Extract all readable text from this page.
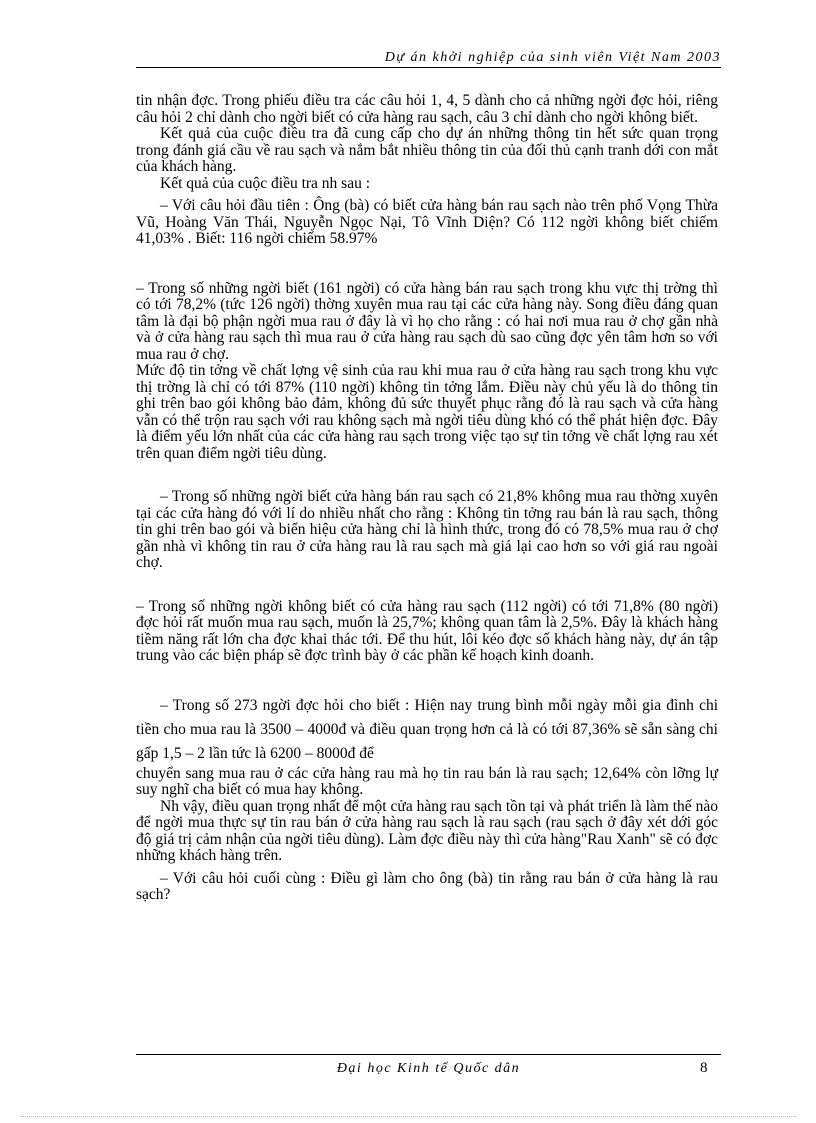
Dự án khởi nghiệp của sinh viên Việt Nam 2003

tin nhận đợc. Trong phiếu điều tra các câu hỏi 1, 4, 5 dành cho cả những ngời đợc hỏi, riêng câu hỏi 2 chỉ dành cho ngời biết có cửa hàng rau sạch, câu 3 chỉ dành cho ngời không biết.

Kết quả của cuộc điều tra đã cung cấp cho dự án những thông tin hết sức quan trọng trong đánh giá cầu về rau sạch và nắm bắt nhiều thông tin của đối thủ cạnh tranh dới con mắt của khách hàng.

Kết quả của cuộc điều tra nh sau :

– Với câu hỏi đầu tiên : Ông (bà) có biết cửa hàng bán rau sạch nào trên phố Vọng Thừa Vũ, Hoàng Văn Thái, Nguyễn Ngọc Nại, Tô Vĩnh Diện? Có 112 ngời không biết chiếm 41,03% . Biết: 116 ngời chiếm 58.97%

– Trong số những ngời biết (161 ngời) có cửa hàng bán rau sạch trong khu vực thị trờng thì có tới 78,2% (tức 126 ngời) thờng xuyên mua rau tại các cửa hàng này. Song điều đáng quan tâm là đại bộ phận ngời mua rau ở đây là vì họ cho rằng : có hai nơi mua rau ở chợ gần nhà và ở cửa hàng rau sạch thì mua rau ở cửa hàng rau sạch dù sao cũng đợc yên tâm hơn so với mua rau ở chợ.

Mức độ tin tởng về chất lợng vệ sinh của rau khi mua rau ở cửa hàng rau sạch trong khu vực thị trờng là chỉ có tới 87% (110 ngời) không tin tởng lắm. Điều này chủ yếu là do thông tin ghi trên bao gói không bảo đảm, không đủ sức thuyết phục rằng đó là rau sạch và cửa hàng vẫn có thể trộn rau sạch với rau không sạch mà ngời tiêu dùng khó có thể phát hiện đợc. Đây là điểm yếu lớn nhất của các cửa hàng rau sạch trong việc tạo sự tin tởng về chất lợng rau xét trên quan điểm ngời tiêu dùng.

– Trong số những ngời biết cửa hàng bán rau sạch có 21,8% không mua rau thờng xuyên tại các cửa hàng đó với lí do nhiều nhất cho rằng : Không tin tởng rau bán là rau sạch, thông tin ghi trên bao gói và biển hiệu cửa hàng chỉ là hình thức, trong đó có 78,5% mua rau ở chợ gần nhà vì không tin rau ở cửa hàng rau là rau sạch mà giá lại cao hơn so với giá rau ngoài chợ.

– Trong số những ngời không biết có cửa hàng rau sạch (112 ngời) có tới 71,8% (80 ngời) đợc hỏi rất muốn mua rau sạch, muốn là 25,7%; không quan tâm là 2,5%. Đây là khách hàng tiềm năng rất lớn cha đợc khai thác tới. Để thu hút, lôi kéo đợc số khách hàng này, dự án tập trung vào các biện pháp sẽ đợc trình bày ở các phần kế hoạch kinh doanh.

– Trong số 273 ngời đợc hỏi cho biết : Hiện nay trung bình mỗi ngày mỗi gia đình chi tiền cho mua rau là 3500 – 4000đ và điều quan trọng hơn cả là có tới 87,36% sẽ sẵn sàng chi gấp 1,5 – 2 lần tức là 6200 – 8000đ để

chuyển sang mua rau ở các cửa hàng rau mà họ tin rau bán là rau sạch; 12,64% còn lỡng lự suy nghĩ cha biết có mua hay không.

Nh vậy, điều quan trọng nhất để một cửa hàng rau sạch tồn tại và phát triển là làm thế nào để ngời mua thực sự tin rau bán ở cửa hàng rau sạch là rau sạch (rau sạch ở đây xét dới góc độ giá trị cảm nhận của ngời tiêu dùng). Làm đợc điều này thì cửa hàng"Rau Xanh" sẽ có đợc những khách hàng trên.

– Với câu hỏi cuối cùng : Điều gì làm cho ông (bà) tin rằng rau bán ở cửa hàng là rau sạch?

Đại học Kinh tế Quốc dân	8
